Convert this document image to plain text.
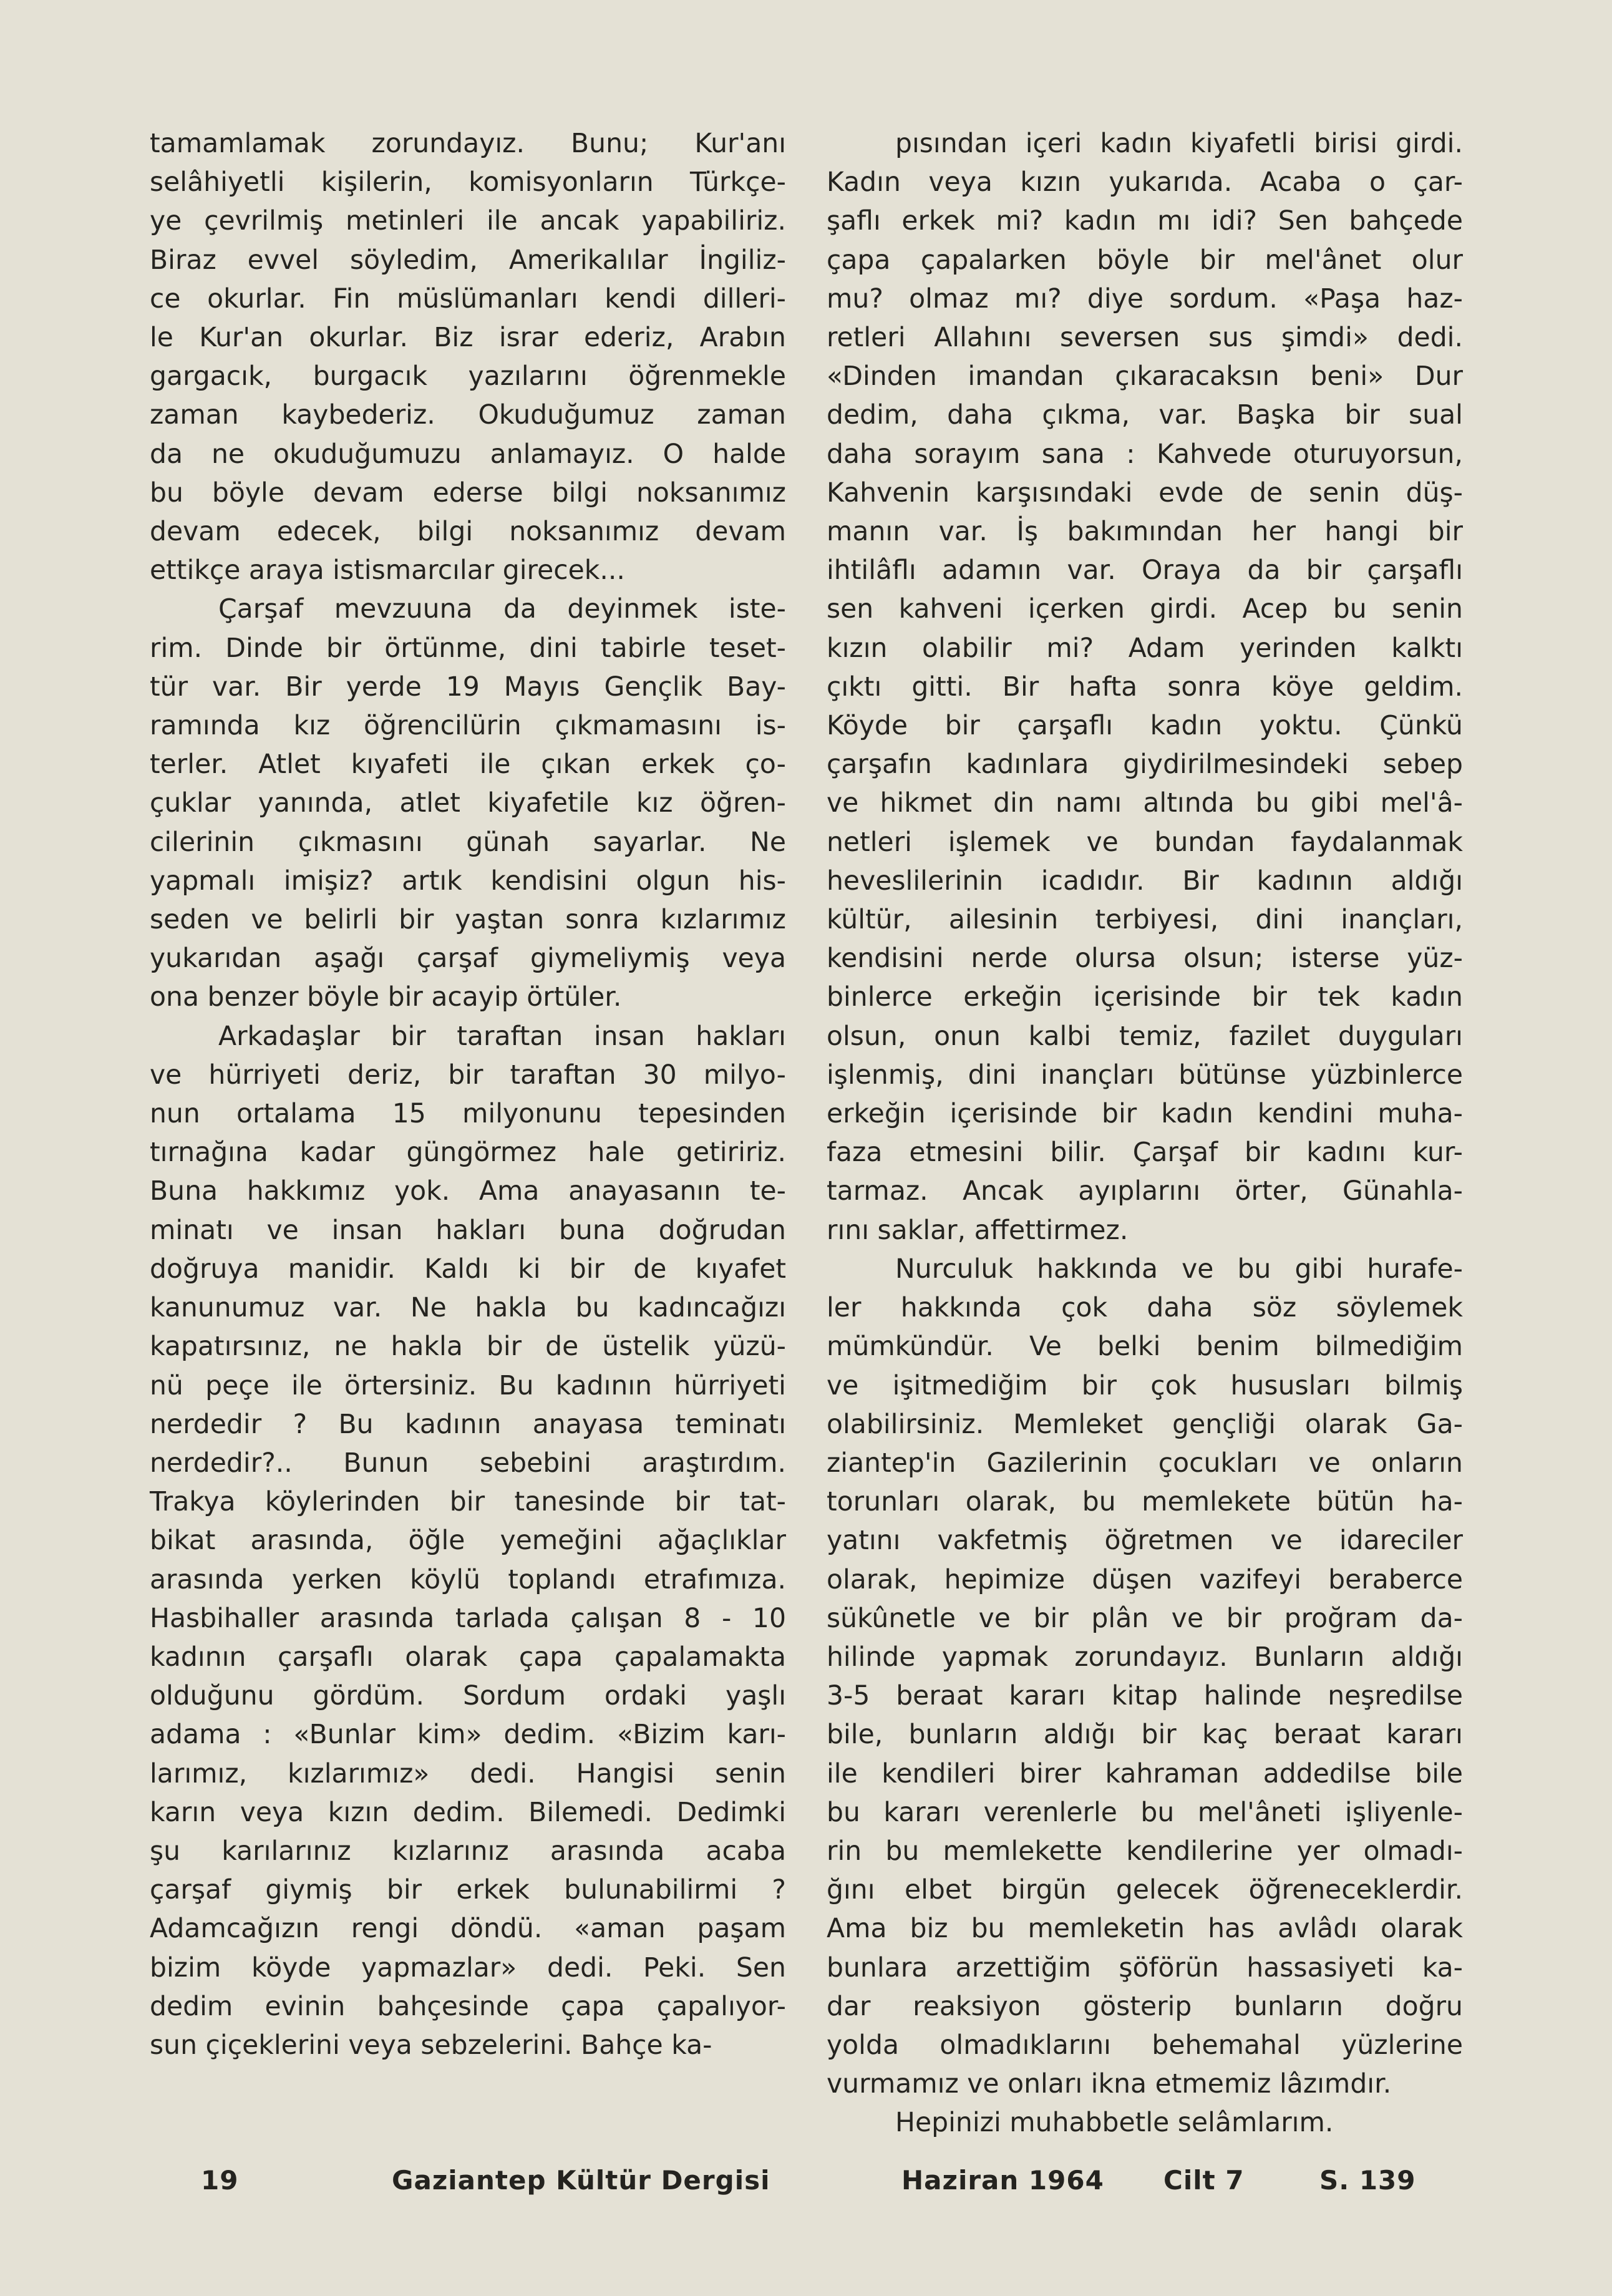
tamamlamak zorundayız. Bunu; Kur'anı
selâhiyetli kişilerin, komisyonların Türkçe-
ye çevrilmiş metinleri ile ancak yapabiliriz.
Biraz evvel söyledim, Amerikalılar İngiliz-
ce okurlar. Fin müslümanları kendi dilleri-
le Kur'an okurlar. Biz israr ederiz, Arabın
gargacık, burgacık yazılarını öğrenmekle
zaman kaybederiz. Okuduğumuz zaman
da ne okuduğumuzu anlamayız. O halde
bu böyle devam ederse bilgi noksanımız
devam edecek, bilgi noksanımız devam
ettikçe araya istismarcılar girecek...

Çarşaf mevzuuna da deyinmek iste-
rim. Dinde bir örtünme, dini tabirle teset-
tür var. Bir yerde 19 Mayıs Gençlik Bay-
ramında kız öğrencilürin çıkmamasını is-
terler. Atlet kıyafeti ile çıkan erkek ço-
çuklar yanında, atlet kiyafetile kız öğren-
cilerinin çıkmasını günah sayarlar. Ne
yapmalı imişiz? artık kendisini olgun his-
seden ve belirli bir yaştan sonra kızlarımız
yukarıdan aşağı çarşaf giymeliymiş veya
ona benzer böyle bir acayip örtüler.

Arkadaşlar bir taraftan insan hakları
ve hürriyeti deriz, bir taraftan 30 milyo-
nun ortalama 15 milyonunu tepesinden
tırnağına kadar güngörmez hale getiririz.
Buna hakkımız yok. Ama anayasanın te-
minatı ve insan hakları buna doğrudan
doğruya manidir. Kaldı ki bir de kıyafet
kanunumuz var. Ne hakla bu kadıncağızı
kapatırsınız, ne hakla bir de üstelik yüzü-
nü peçe ile örtersiniz. Bu kadının hürriyeti
nerdedir ? Bu kadının anayasa teminatı
nerdedir?.. Bunun sebebini araştırdım.
Trakya köylerinden bir tanesinde bir tat-
bikat arasında, öğle yemeğini ağaçlıklar
arasında yerken köylü toplandı etrafımıza.
Hasbihaller arasında tarlada çalışan 8 - 10
kadının çarşaflı olarak çapa çapalamakta
olduğunu gördüm. Sordum ordaki yaşlı
adama : «Bunlar kim» dedim. «Bizim karı-
larımız, kızlarımız» dedi. Hangisi senin
karın veya kızın dedim. Bilemedi. Dedimki
şu karılarınız kızlarınız arasında acaba
çarşaf giymiş bir erkek bulunabilirmi ?
Adamcağızın rengi döndü. «aman paşam
bizim köyde yapmazlar» dedi. Peki. Sen
dedim evinin bahçesinde çapa çapalıyor-
sun çiçeklerini veya sebzelerini. Bahçe ka-

pısından içeri kadın kiyafetli birisi girdi.
Kadın veya kızın yukarıda. Acaba o çar-
şaflı erkek mi? kadın mı idi? Sen bahçede
çapa çapalarken böyle bir mel'ânet olur
mu? olmaz mı? diye sordum. «Paşa haz-
retleri Allahını seversen sus şimdi» dedi.
«Dinden imandan çıkaracaksın beni» Dur
dedim, daha çıkma, var. Başka bir sual
daha sorayım sana : Kahvede oturuyorsun,
Kahvenin karşısındaki evde de senin düş-
manın var. İş bakımından her hangi bir
ihtilâflı adamın var. Oraya da bir çarşaflı
sen kahveni içerken girdi. Acep bu senin
kızın olabilir mi? Adam yerinden kalktı
çıktı gitti. Bir hafta sonra köye geldim.
Köyde bir çarşaflı kadın yoktu. Çünkü
çarşafın kadınlara giydirilmesindeki sebep
ve hikmet din namı altında bu gibi mel'â-
netleri işlemek ve bundan faydalanmak
heveslilerinin icadıdır. Bir kadının aldığı
kültür, ailesinin terbiyesi, dini inançları,
kendisini nerde olursa olsun; isterse yüz-
binlerce erkeğin içerisinde bir tek kadın
olsun, onun kalbi temiz, fazilet duyguları
işlenmiş, dini inançları bütünse yüzbinlerce
erkeğin içerisinde bir kadın kendini muha-
faza etmesini bilir. Çarşaf bir kadını kur-
tarmaz. Ancak ayıplarını örter, Günahla-
rını saklar, affettirmez.

Nurculuk hakkında ve bu gibi hurafe-
ler hakkında çok daha söz söylemek
mümkündür. Ve belki benim bilmediğim
ve işitmediğim bir çok hususları bilmiş
olabilirsiniz. Memleket gençliği olarak Ga-
ziantep'in Gazilerinin çocukları ve onların
torunları olarak, bu memlekete bütün ha-
yatını vakfetmiş öğretmen ve idareciler
olarak, hepimize düşen vazifeyi beraberce
sükûnetle ve bir plân ve bir proğram da-
hilinde yapmak zorundayız. Bunların aldığı
3-5 beraat kararı kitap halinde neşredilse
bile, bunların aldığı bir kaç beraat kararı
ile kendileri birer kahraman addedilse bile
bu kararı verenlerle bu mel'âneti işliyenle-
rin bu memlekette kendilerine yer olmadı-
ğını elbet birgün gelecek öğreneceklerdir.
Ama biz bu memleketin has avlâdı olarak
bunlara arzettiğim şöförün hassasiyeti ka-
dar reaksiyon gösterip bunların doğru
yolda olmadıklarını behemahal yüzlerine
vurmamız ve onları ikna etmemiz lâzımdır.

Hepinizi muhabbetle selâmlarım.

19	Gaziantep Kültür Dergisi	Haziran 1964 Cilt 7	S. 139
